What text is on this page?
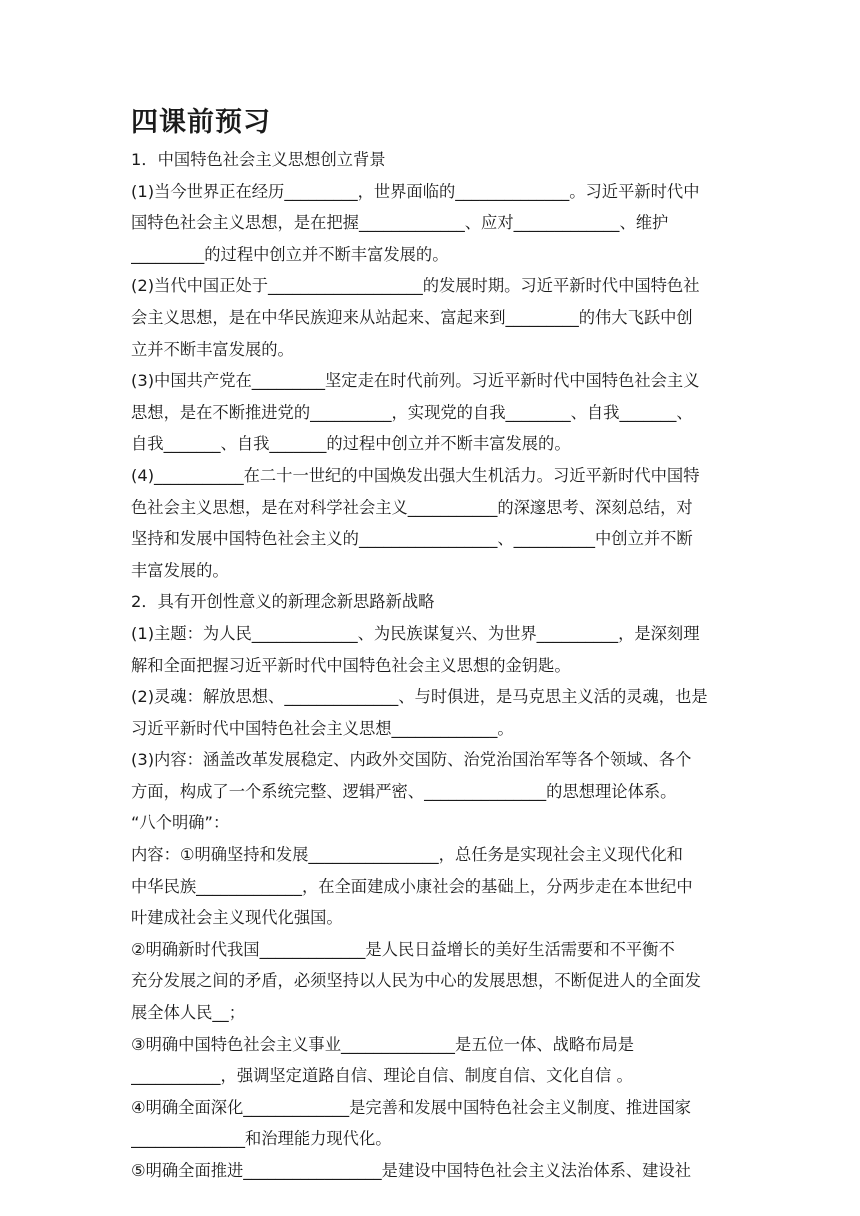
四课前预习
1．中国特色社会主义思想创立背景
(1)当今世界正在经历_________，世界面临的______________。习近平新时代中
国特色社会主义思想，是在把握_____________、应对_____________、维护
_________的过程中创立并不断丰富发展的。
(2)当代中国正处于___________________的发展时期。习近平新时代中国特色社
会主义思想，是在中华民族迎来从站起来、富起来到_________的伟大飞跃中创
立并不断丰富发展的。
(3)中国共产党在_________坚定走在时代前列。习近平新时代中国特色社会主义
思想，是在不断推进党的__________，实现党的自我________、自我_______、
自我_______、自我_______的过程中创立并不断丰富发展的。
(4)___________在二十一世纪的中国焕发出强大生机活力。习近平新时代中国特
色社会主义思想，是在对科学社会主义___________的深邃思考、深刻总结，对
坚持和发展中国特色社会主义的_________________、__________中创立并不断
丰富发展的。
2．具有开创性意义的新理念新思路新战略
(1)主题：为人民_____________、为民族谋复兴、为世界__________，是深刻理
解和全面把握习近平新时代中国特色社会主义思想的金钥匙。
(2)灵魂：解放思想、______________、与时俱进，是马克思主义活的灵魂，也是
习近平新时代中国特色社会主义思想_____________。
(3)内容：涵盖改革发展稳定、内政外交国防、治党治国治军等各个领域、各个
方面，构成了一个系统完整、逻辑严密、_______________的思想理论体系。
“八个明确”：
内容：①明确坚持和发展________________，总任务是实现社会主义现代化和
中华民族_____________，在全面建成小康社会的基础上，分两步走在本世纪中
叶建成社会主义现代化强国。
②明确新时代我国_____________是人民日益增长的美好生活需要和不平衡不
充分发展之间的矛盾，必须坚持以人民为中心的发展思想，不断促进人的全面发
展全体人民__；
③明确中国特色社会主义事业______________是五位一体、战略布局是
___________，强调坚定道路自信、理论自信、制度自信、文化自信 。
④明确全面深化_____________是完善和发展中国特色社会主义制度、推进国家
______________和治理能力现代化。
⑤明确全面推进_________________是建设中国特色社会主义法治体系、建设社
